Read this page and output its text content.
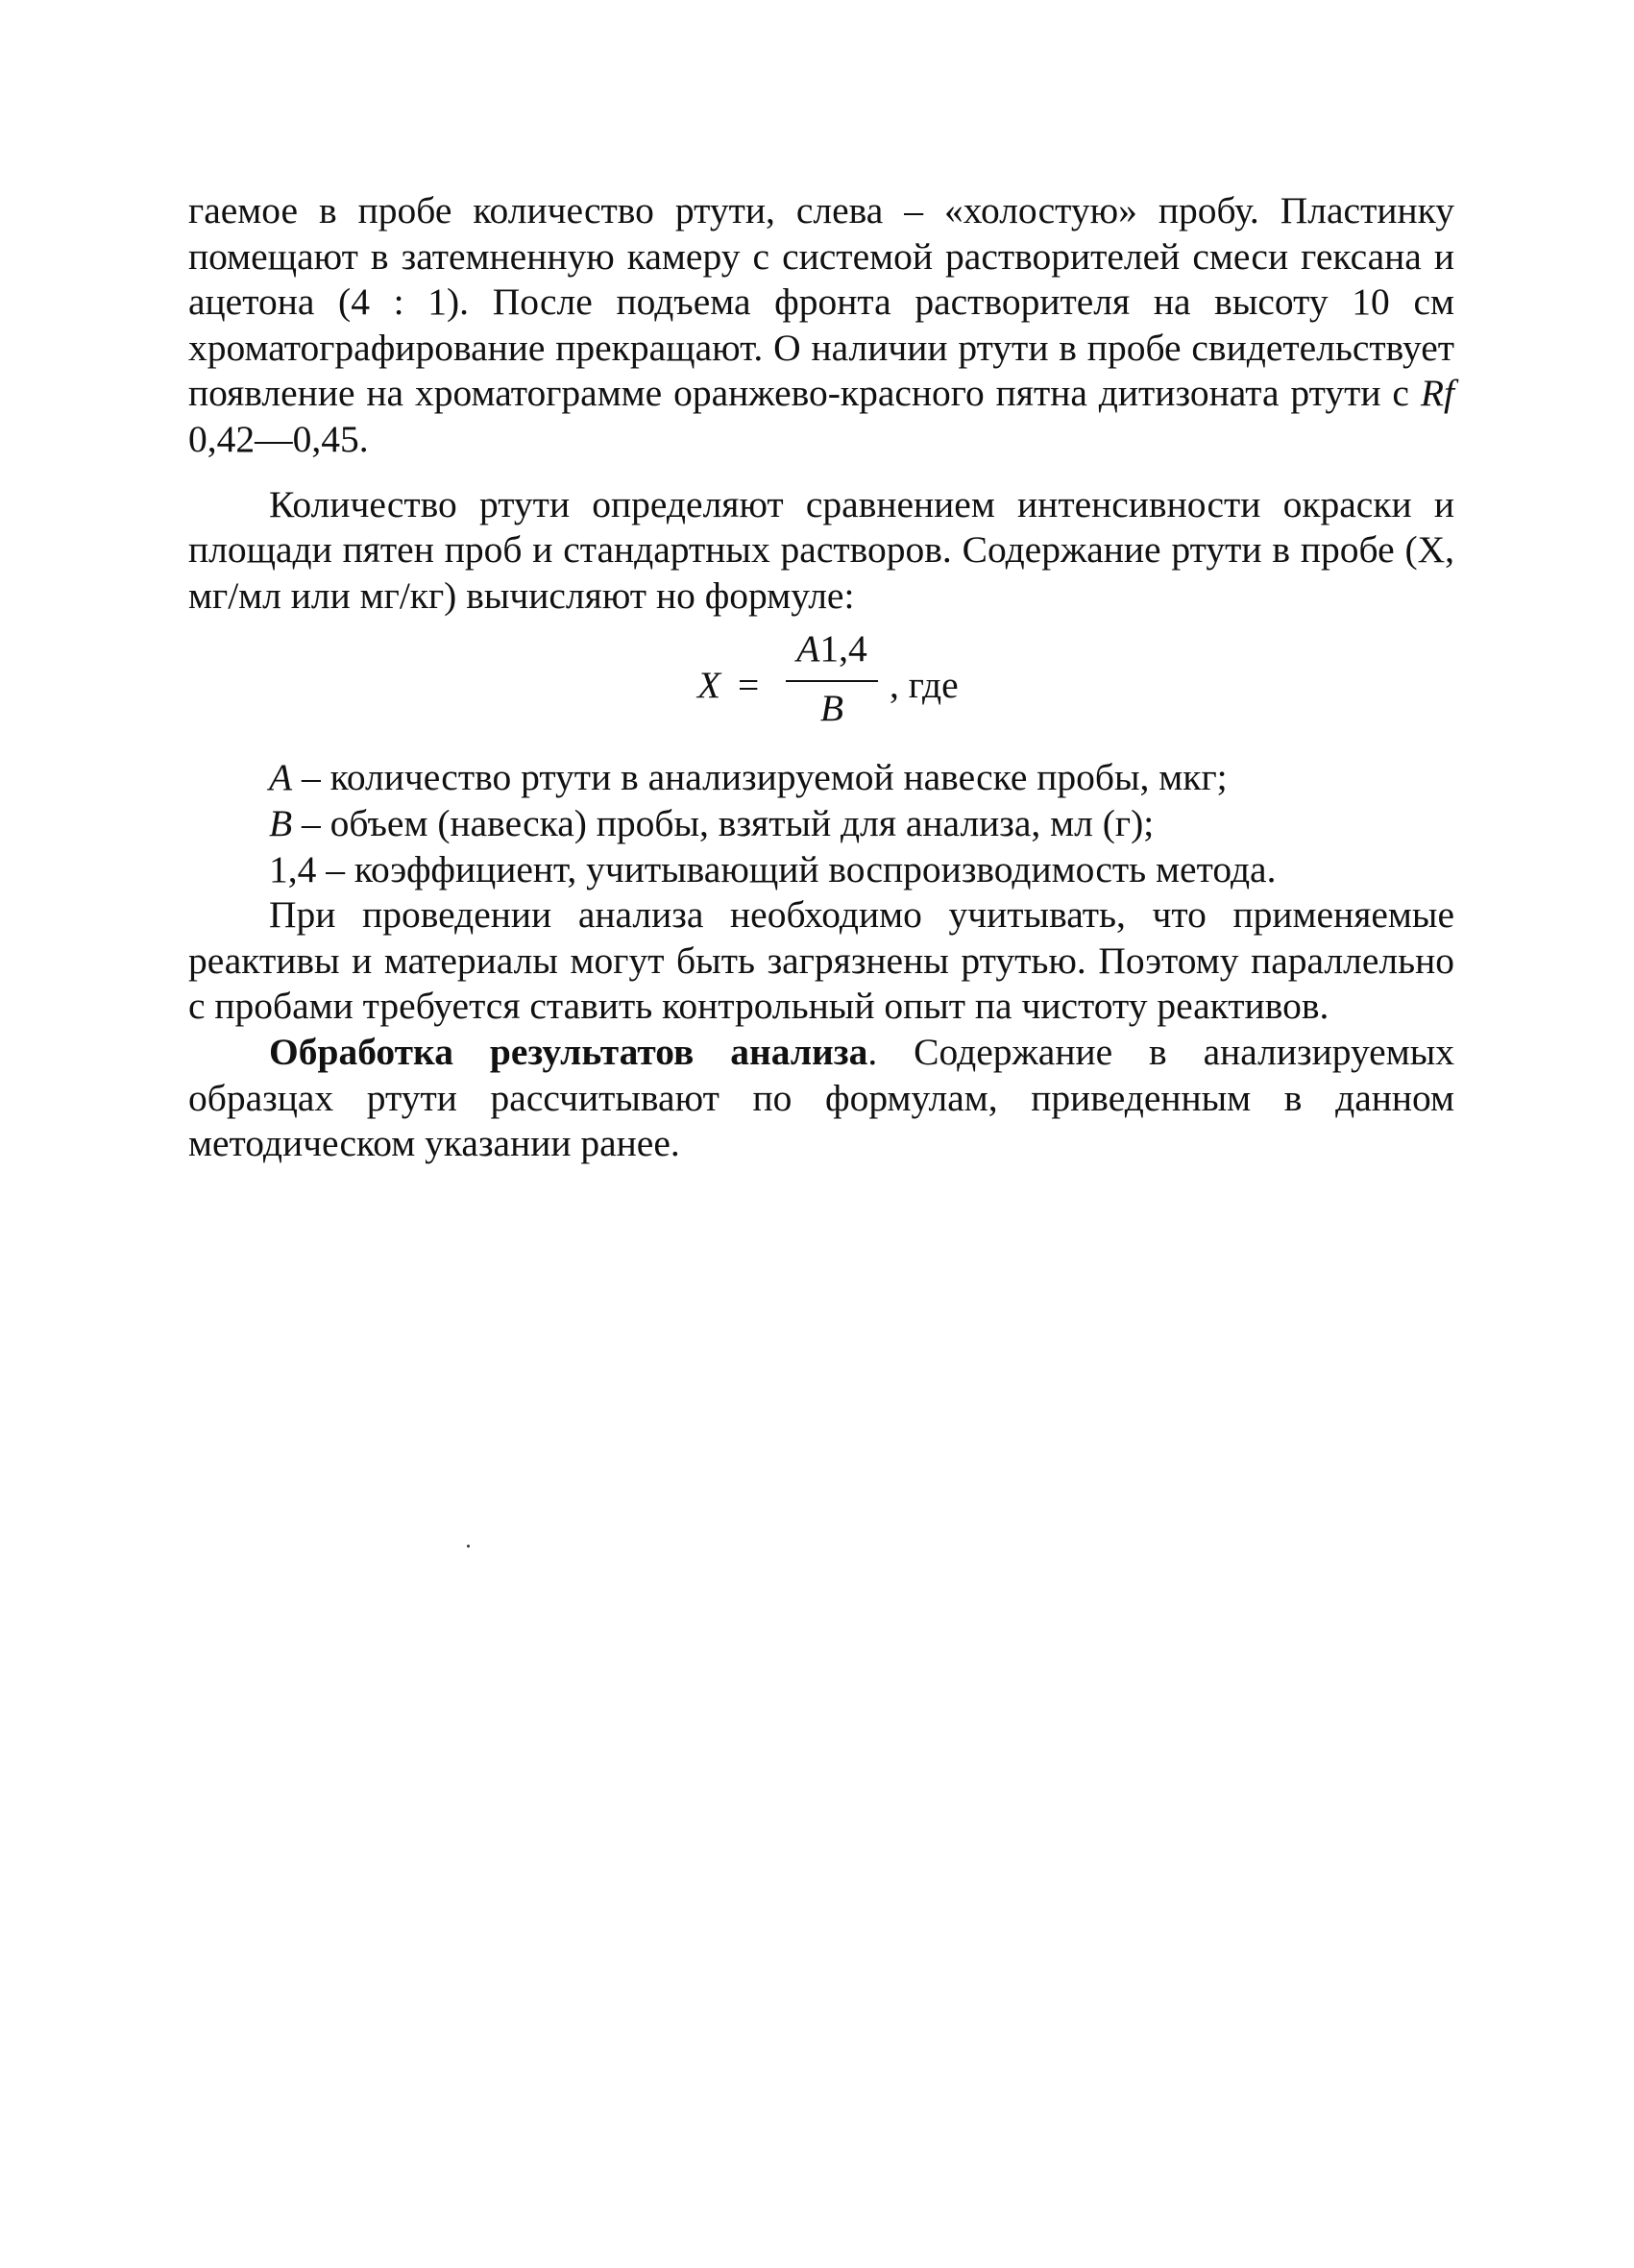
гаемое в пробе количество ртути, слева – «холостую» пробу. Пластинку помещают в затемненную камеру с системой растворителей смеси гексана и ацетона (4 : 1). После подъема фронта растворителя на высоту 10 см хроматографирование прекращают. О наличии ртути в пробе свидетельствует появление на хроматограмме оранжево-красного пятна дитизоната ртути с Rf 0,42—0,45.

Количество ртути определяют сравнением интенсивности окраски и площади пятен проб и стандартных растворов. Содержание ртути в пробе (X, мг/мл или мг/кг) вычисляют но формуле:

X =
A1,4
B
, где

A – количество ртути в анализируемой навеске пробы, мкг;

B – объем (навеска) пробы, взятый для анализа, мл (г);

1,4 – коэффициент, учитывающий воспроизводимость метода.

При проведении анализа необходимо учитывать, что применяемые реактивы и материалы могут быть загрязнены ртутью. Поэтому параллельно с пробами требуется ставить контрольный опыт па чистоту реактивов.

Обработка результатов анализа. Содержание в анализируемых образцах ртути рассчитывают по формулам, приведенным в данном методическом указании ранее.
